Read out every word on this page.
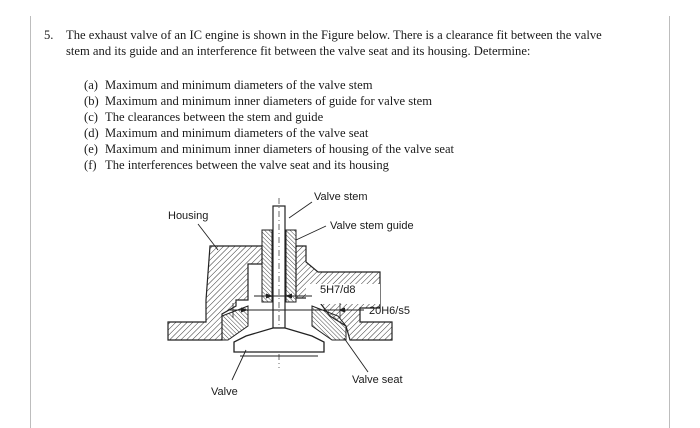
5. The exhaust valve of an IC engine is shown in the Figure below. There is a clearance fit between the valve stem and its guide and an interference fit between the valve seat and its housing. Determine:
(a) Maximum and minimum diameters of the valve stem
(b) Maximum and minimum inner diameters of guide for valve stem
(c) The clearances between the stem and guide
(d) Maximum and minimum diameters of the valve seat
(e) Maximum and minimum inner diameters of housing of the valve seat
(f) The interferences between the valve seat and its housing
Valve stem
Housing
Valve stem guide
5H7/d8
20H6/s5
Valve seat
Valve
